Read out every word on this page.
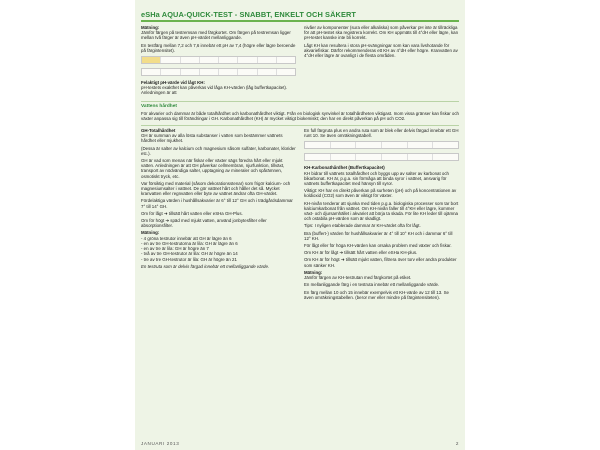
eSHa AQUA-QUICK-TEST - SNABBT, ENKELT OCH SÄKERT
Mätning:
Jämför färgen på testremsan med färgkortet. Om färgen på testremsan ligger mellan två färger är även pH-värdet mellanliggande.
En testfärg mellan 7,2 och 7,6 innebär ett pH av 7,4 (högre eller lägre beroende på färgintensitet).
Felaktigt pH-värde vid lågt KH:
pH-testets exakthet kan påverkas vid låga KH-värden (låg buffertkapacitet). Anledningen är att
nivåer av komponenter (sura eller alkaliska) som påverkar pH inte är tillräckliga för att pH-testet ska registrera korrekt. Om KH uppmäts till 4°dH eller lägre, kan pH-testet kanske inte bli korrekt.
Lågt KH kan resultera i stora pH-svängningar som kan vara livshotande för akvariefiskar. Därför rekommenderas ett KH av 4°dH eller högre. Kranvatten av 4°dH eller lägre är ovanligt i de flesta områden.
Vattens hårdhet
För akvarier och dammar är både totalhårdhet och karbonathårdhet viktigt. Från en biologisk synvinkel är totalhårdheten viktigast. Inom vissa gränser kan fiskar och växter anpassa sig till förändringar i GH. Karbonathårdhet (KH) är mycket viktigt biokemiskt; den har en direkt påverkan på pH och CO2.
GH-Totalhårdhet
GH är summan av alla lösta substanser i vatten som bestämmer vattnets hårdhet eller mjukhet.
(Dessa är salter av kalcium och magnesium såsom sulfater, karbonater, klorider etc.).
GH är vad som menas när fiskar eller växter sägs föredra hårt eller mjukt vatten. Anledningen är att GH påverkar cellmembran, njurfunktion, tillväxt, transport av nödvändiga salter, upptagning av mineraler och spårämnen, osmotiskt tryck, etc.
Var försiktig med material (såsom dekorationsstenar) som frigör kalcium- och magnesiumsalter i vattnet. De gör vattnet hårt och håller det så. Mycket kranvatten eller regnvatten eller byte av vattnet ändrar ofta GH-värdet.
Fördelaktiga värden i hushållsakvarier är 6° till 12° GH och i trädgårdsdammar 7° till 14° GH.
Om för lågt ➜ tillsätt hårt vatten eller eSHa GH-Plus.
Om för högt ➜ späd med mjukt vatten, använd jonbytesfilter eller absorptionsfilter.
Mätning:
- 4 gröna testrutor innebär att GH är lägre än 6
- en av tre GH-testrutorna är lila: GH är lägre än 6
- en av tre är lila: GH är högre än 7
- två av tre GH-testrutor är lila: GH är högre än 14
- tre av tre GH-testrutor är lila: GH är högre än 21
En testruta som är delvis färgad innebär ett mellanliggande värde.
En full färgruta plus en andra ruta som är blek eller delvis färgad innebär ett GH runt 10. Se även omräkningstabell.
KH-Karbonathårdhet (Buffertkapacitet)
KH bidrar till vattnets totalhårdhet och byggs upp av salter av karbonat och bikarbonat. KH är, p.g.a. sin förmåga att binda syror i vattnet, ansvarig för vattnets buffertkapacitet med hänsyn till syror.
Viktigt: KH har en direkt påverkan på surheten (pH) och på koncentrationen av koldioxid (CO2) som även är viktigt för växter.
KH-nivån tenderar att sjunka med tiden p.g.a. biologiska processer som tar bort kalciumkarbonat från vattnet. Om KH-nivån faller till 4°KH eller lägre, kommer växt- och djursamhället i akvariet att börja ta skada. För lite KH leder till ojämna och ostabila pH-värden som är skadligt.
Tips: I nyligen etablerade dammar är KH-värdet ofta för lågt.
Bra (buffert-) värden för hushållsakvarier är 4° till 10° KH och i dammar 6° till 12° KH.
För lågt eller för höga KH-värden kan orsaka problem med växter och fiskar.
Om KH är för lågt ➜ tillsätt hårt vatten eller eSHa KH-plus.
Om KH är för högt ➜ tillsätt mjukt vatten, filtrera över torv eller andra produkter som sänker KH.
Mätning:
Jämför färgen av KH-testrutan med färgkortet på etiket.
En mellanliggande färg i en testruta innebär ett mellanliggande värde.
En färg mellan 10 och 15 innebär exempelvis ett KH-värde av 12 till 13. Se även omräkningstabellen. (beror mer eller mindre på färgintensiteten).
JANUARI 2013	2
